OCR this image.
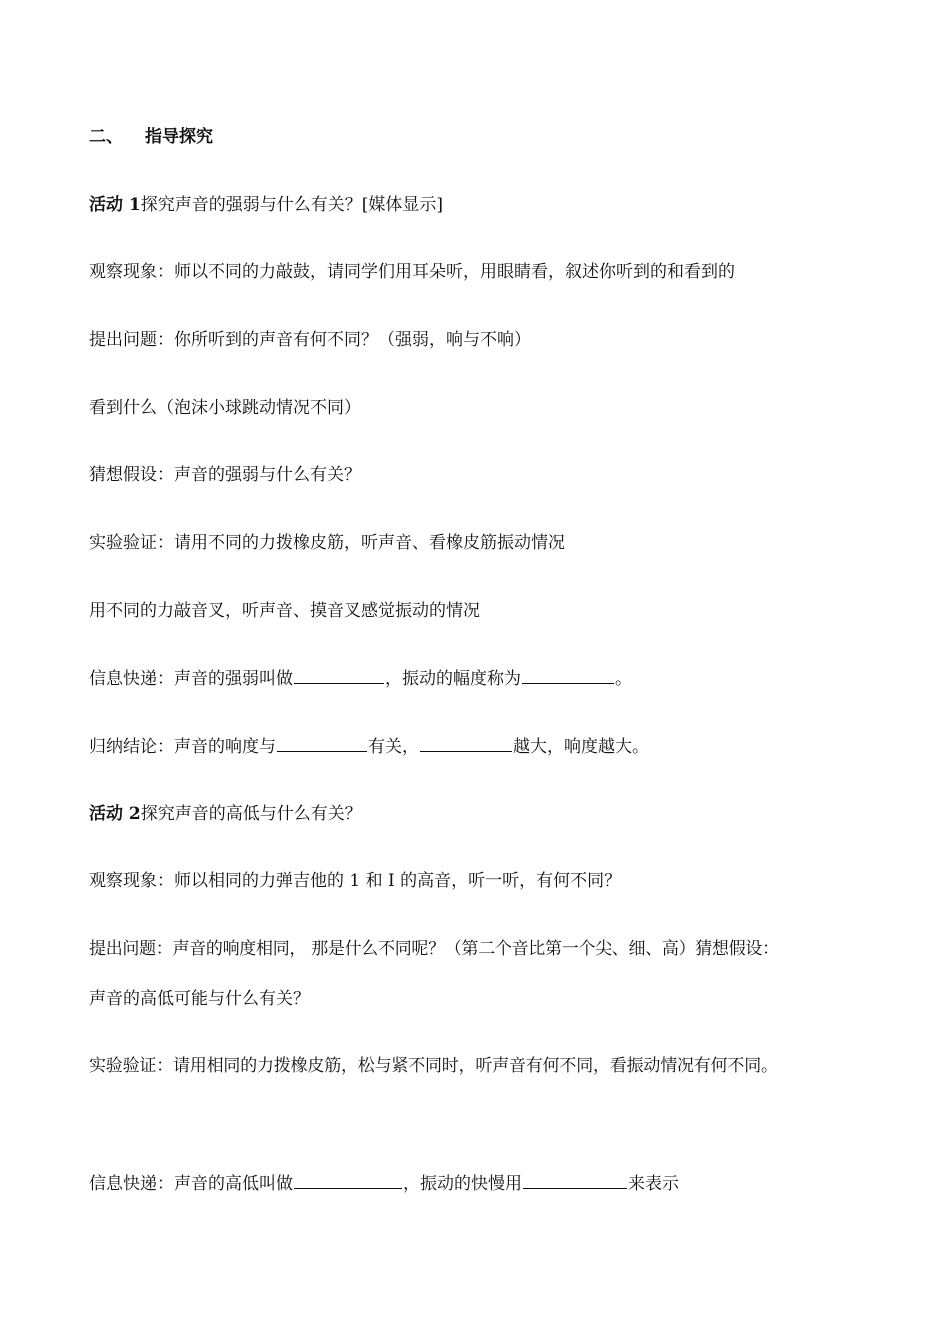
二、 指导探究
活动 1探究声音的强弱与什么有关？[媒体显示]
观察现象：师以不同的力敲鼓，请同学们用耳朵听，用眼睛看，叙述你听到的和看到的
提出问题：你所听到的声音有何不同？（强弱，响与不响）
看到什么（泡沫小球跳动情况不同）
猜想假设：声音的强弱与什么有关？
实验验证：请用不同的力拨橡皮筋，听声音、看橡皮筋振动情况
用不同的力敲音叉，听声音、摸音叉感觉振动的情况
信息快递：声音的强弱叫做	，振动的幅度称为	。
归纳结论：声音的响度与	有关，	越大，响度越大。
活动 2探究声音的高低与什么有关？
观察现象：师以相同的力弹吉他的 1 和 I 的高音，听一听，有何不同？
提出问题：声音的响度相同， 那是什么不同呢？（第二个音比第一个尖、细、高）猜想假设：
声音的高低可能与什么有关？
实验验证：请用相同的力拨橡皮筋，松与紧不同时，听声音有何不同，看振动情况有何不同。
信息快递：声音的高低叫做	，振动的快慢用	来表示
